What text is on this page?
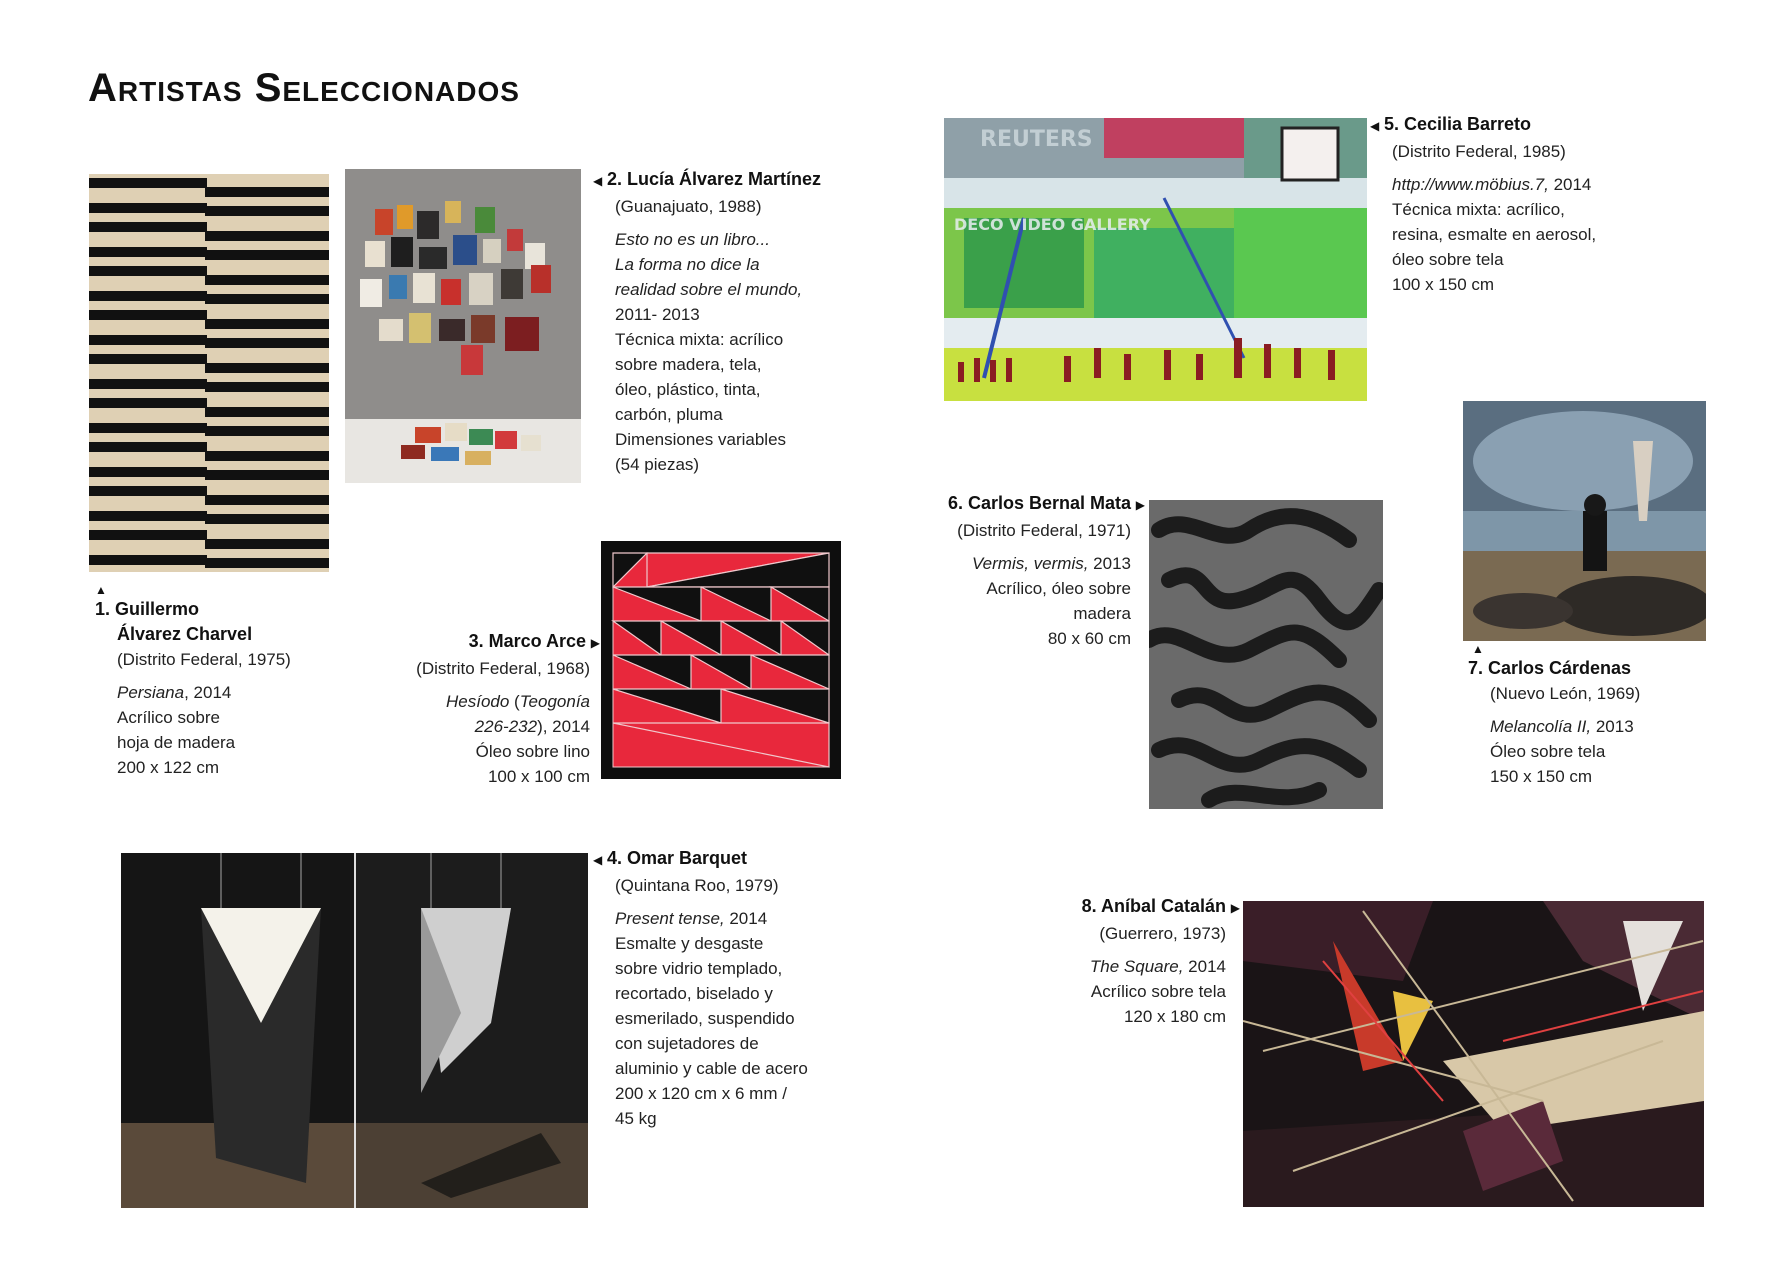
Artistas Seleccionados
REUTERS
DECO VIDEO GALLERY
▲
1. Guillermo
Álvarez Charvel
(Distrito Federal, 1975)
Persiana, 2014
Acrílico sobre
hoja de madera
200 x 122 cm
◀ 2. Lucía Álvarez Martínez
(Guanajuato, 1988)
Esto no es un libro...
La forma no dice la
realidad sobre el mundo,
2011- 2013
Técnica mixta: acrílico
sobre madera, tela,
óleo, plástico, tinta,
carbón, pluma
Dimensiones variables
(54 piezas)
3. Marco Arce ▶
(Distrito Federal, 1968)
Hesíodo (Teogonía
226-232), 2014
Óleo sobre lino
100 x 100 cm
◀ 4. Omar Barquet
(Quintana Roo, 1979)
Present tense, 2014
Esmalte y desgaste
sobre vidrio templado,
recortado, biselado y
esmerilado, suspendido
con sujetadores de
aluminio y cable de acero
200 x 120 cm x 6 mm /
45 kg
◀ 5. Cecilia Barreto
(Distrito Federal, 1985)
http://www.möbius.7, 2014
Técnica mixta: acrílico,
resina, esmalte en aerosol,
óleo sobre tela
100 x 150 cm
6. Carlos Bernal Mata ▶
(Distrito Federal, 1971)
Vermis, vermis, 2013
Acrílico, óleo sobre
madera
80 x 60 cm
▲
7. Carlos Cárdenas
(Nuevo León, 1969)
Melancolía II, 2013
Óleo sobre tela
150 x 150 cm
8. Aníbal Catalán ▶
(Guerrero, 1973)
The Square, 2014
Acrílico sobre tela
120 x 180 cm
